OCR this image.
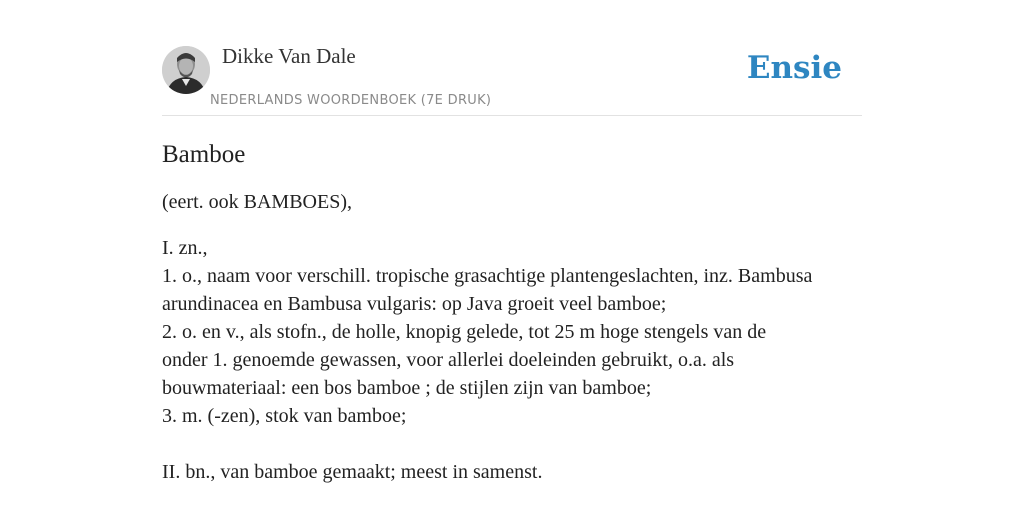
Dikke Van Dale
NEDERLANDS WOORDENBOEK (7E DRUK)
Ensie
Bamboe
(eert. ook BAMBOES),
I. zn.,
1. o., naam voor verschill. tropische grasachtige plantengeslachten, inz. Bambusa
arundinacea en Bambusa vulgaris: op Java groeit veel bamboe;
2. o. en v., als stofn., de holle, knopig gelede, tot 25 m hoge stengels van de
onder 1. genoemde gewassen, voor allerlei doeleinden gebruikt, o.a. als
bouwmateriaal: een bos bamboe ; de stijlen zijn van bamboe;
3. m. (-zen), stok van bamboe;
II. bn., van bamboe gemaakt; meest in samenst.
